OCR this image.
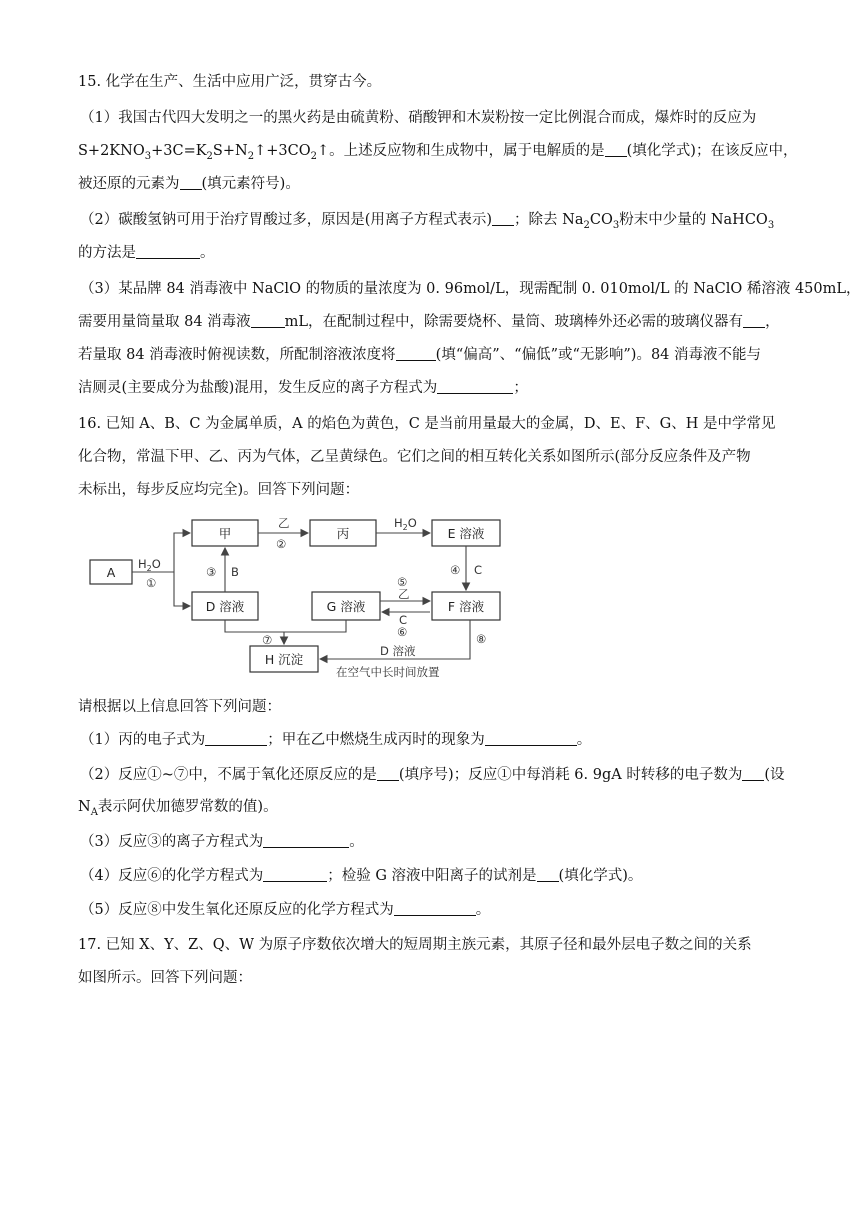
15. 化学在生产、生活中应用广泛，贯穿古今。
（1）我国古代四大发明之一的黑火药是由硫黄粉、硝酸钾和木炭粉按一定比例混合而成，爆炸时的反应为
$S+2KNO_3+3C=K_2S+N_2↑+3CO_2↑$。上述反应物和生成物中，属于电解质的是 (填化学式)；在该反应中，
被还原的元素为 (填元素符号)。
（2）碳酸氢钠可用于治疗胃酸过多，原因是(用离子方程式表示) ；除去 $Na_2CO_3$粉末中少量的 NaHCO$_3$
的方法是	。
（3）某品牌 84 消毒液中 NaClO 的物质的量浓度为 0. 96mol/L，现需配制 0. 010mol/L 的 NaClO 稀溶液 450mL，
需要用量筒量取 84 消毒液 mL，在配制过程中，除需要烧杯、量筒、玻璃棒外还必需的玻璃仪器有 ，
若量取 84 消毒液时俯视读数，所配制溶液浓度将	(填“偏高”、“偏低”或“无影响”)。84 消毒液不能与
洁厕灵(主要成分为盐酸)混用，发生反应的离子方程式为	；
16. 已知 A、B、C 为金属单质，A 的焰色为黄色，C 是当前用量最大的金属，D、E、F、G、H 是中学常见
化合物，常温下甲、乙、丙为气体，乙呈黄绿色。它们之间的相互转化关系如图所示(部分反应条件及产物
未标出，每步反应均完全)。回答下列问题：
A
甲	丙	E 溶液
D 溶液	G 溶液	F 溶液
H 沉淀
$H_2O$
①
乙
②
$H_2O$
③ B	④ C
⑤
乙
C
⑥
⑦	⑧
D 溶液
在空气中长时间放置
请根据以上信息回答下列问题：
（1）丙的电子式为	；甲在乙中燃烧生成丙时的现象为	。
（2）反应①~⑦中，不属于氧化还原反应的是 (填序号)；反应①中每消耗 6. 9gA 时转移的电子数为 (设
$N_A$表示阿伏加德罗常数的值)。
（3）反应③的离子方程式为	。
（4）反应⑥的化学方程式为	；检验 G 溶液中阳离子的试剂是 (填化学式)。
（5）反应⑧中发生氧化还原反应的化学方程式为	。
17. 已知 X、Y、Z、Q、W 为原子序数依次增大的短周期主族元素，其原子径和最外层电子数之间的关系
如图所示。回答下列问题：
